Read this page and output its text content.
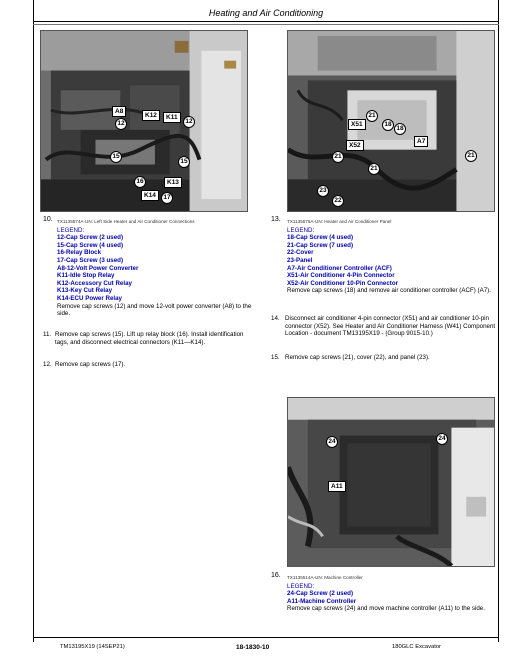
Heating and Air Conditioning
A8
K12	K11
12	12
15
15
16	K13
K14	17
21
X51	18
18
A7
X52
21	21
21
23
22
10. TX1135574A-UN: Left Side Heater and Air Conditioner Connections
LEGEND:
12-Cap Screw (2 used)
15-Cap Screw (4 used)
16-Relay Block
17-Cap Screw (3 used)
A8-12-Volt Power Converter
K11-Idle Stop Relay
K12-Accessory Cut Relay
K13-Key Cut Relay
K14-ECU Power Relay
Remove cap screws (12) and move 12-volt power converter (A8) to the side.
11. Remove cap screws (15). Lift up relay block (16). Install identification tags, and disconnect electrical connectors (K11—K14).
12. Remove cap screws (17).
13. TX1135575A-UN: Heater and Air Conditioner Panel
LEGEND:
18-Cap Screw (4 used)
21-Cap Screw (7 used)
22-Cover
23-Panel
A7-Air Conditioner Controller (ACF)
X51-Air Conditioner 4-Pin Connector
X52-Air Conditioner 10-Pin Connector
Remove cap screws (18) and remove air conditioner controller (ACF) (A7).
14. Disconnect air conditioner 4-pin connector (X51) and air conditioner 10-pin connector (X52). See Heater and Air Conditioner Harness (W41) Component Location - document TM13195X19 - (Group 9015-10.)
15. Remove cap screws (21), cover (22), and panel (23).
24	24
A11
16. TX1135514A-UN: Machine Controller
LEGEND:
24-Cap Screw (2 used)
A11-Machine Controller
Remove cap screws (24) and move machine controller (A11) to the side.
TM13195X19 (14SEP21)	18-1830-10	180GLC Excavator
